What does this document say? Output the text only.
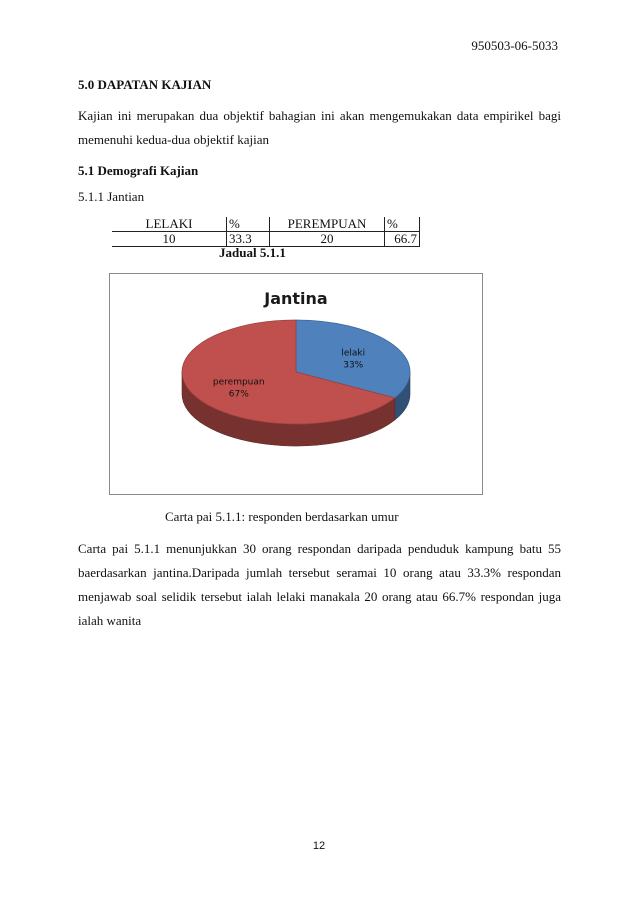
950503-06-5033
5.0 DAPATAN KAJIAN

Kajian ini merupakan dua objektif bahagian ini akan mengemukakan data empirikel bagi
memenuhi kedua-dua objektif kajian

5.1 Demografi Kajian
5.1.1 Jantian
LELAKI	%	PEREMPUAN	%
10	33.3	20	66.7
Jadual 5.1.1
Jantina
lelaki
33%
perempuan
67%
Carta pai 5.1.1: responden berdasarkan umur

Carta pai 5.1.1 menunjukkan 30 orang respondan daripada penduduk kampung batu 55
baerdasarkan jantina.Daripada jumlah tersebut seramai 10 orang atau 33.3% respondan
menjawab soal selidik tersebut ialah lelaki manakala 20 orang atau 66.7% respondan juga
ialah wanita

12
